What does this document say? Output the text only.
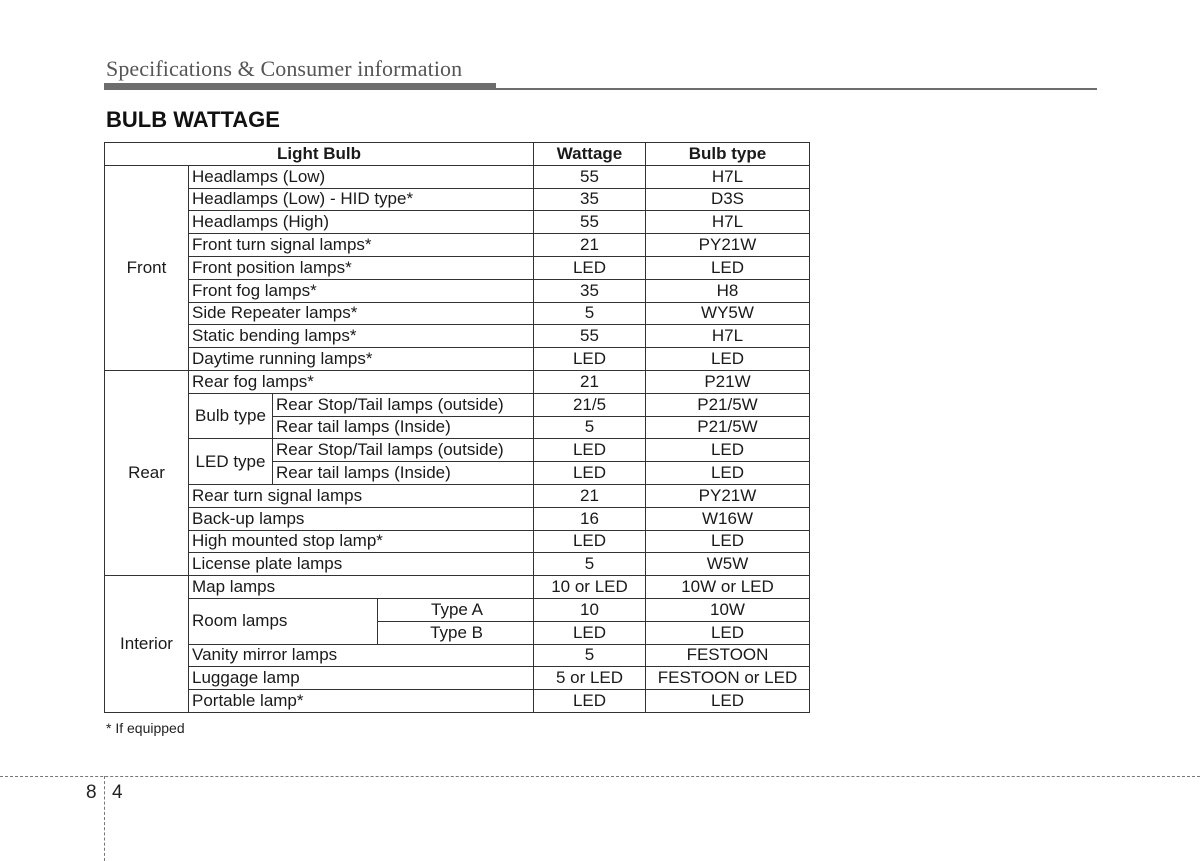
Specifications & Consumer information
BULB WATTAGE
Light Bulb				Wattage	Bulb type
Front	Headlamps (Low)			55	H7L
	Headlamps (Low) - HID type*			35	D3S
	Headlamps (High)			55	H7L
	Front turn signal lamps*			21	PY21W
	Front position lamps*			LED	LED
	Front fog lamps*			35	H8
	Side Repeater lamps*			5	WY5W
	Static bending lamps*			55	H7L
	Daytime running lamps*			LED	LED
Rear	Rear fog lamps*			21	P21W
	Bulb type	Rear Stop/Tail lamps (outside)		21/5	P21/5W
		Rear tail lamps (Inside)		5	P21/5W
	LED type	Rear Stop/Tail lamps (outside)		LED	LED
		Rear tail lamps (Inside)		LED	LED
	Rear turn signal lamps			21	PY21W
	Back-up lamps			16	W16W
	High mounted stop lamp*			LED	LED
	License plate lamps			5	W5W
Interior	Map lamps			10 or LED	10W or LED
	Room lamps		Type A	10	10W
			Type B	LED	LED
	Vanity mirror lamps			5	FESTOON
	Luggage lamp			5 or LED	FESTOON or LED
	Portable lamp*			LED	LED
* If equipped
8 4
